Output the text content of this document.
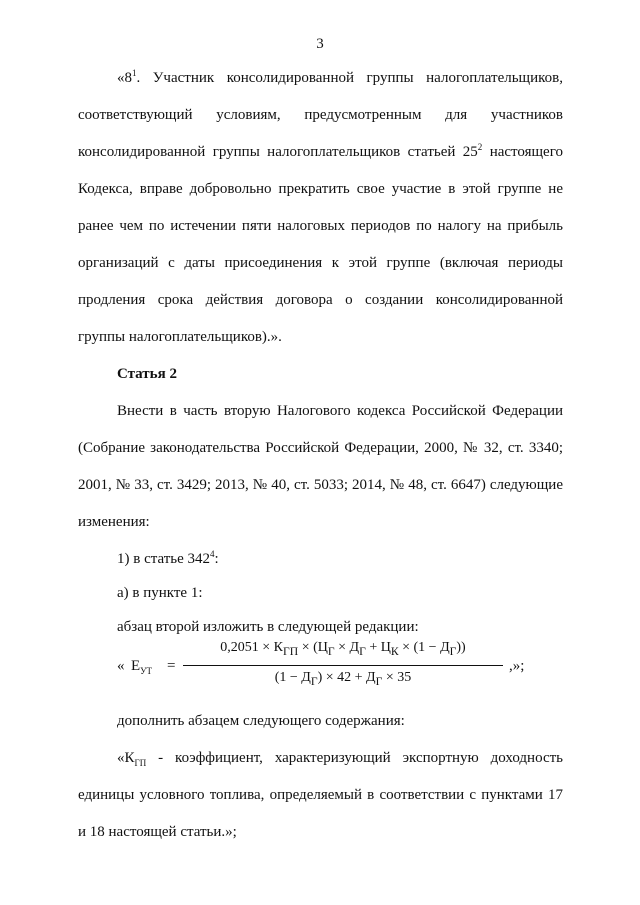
3
«$8^1$. Участник консолидированной группы налогоплательщиков,
соответствующий условиям, предусмотренным для участников
консолидированной группы налогоплательщиков статьей $25^2$ настоящего
Кодекса, вправе добровольно прекратить свое участие в этой группе не
ранее чем по истечении пяти налоговых периодов по налогу на прибыль
организаций с даты присоединения к этой группе (включая периоды
продления срока действия договора о создании консолидированной
группы налогоплательщиков).».
Статья 2
Внести в часть вторую Налогового кодекса Российской Федерации
(Собрание законодательства Российской Федерации, 2000, № 32, ст. 3340;
2001, № 33, ст. 3429; 2013, № 40, ст. 5033; 2014, № 48, ст. 6647) следующие
изменения:
1) в статье $342^4$:
а) в пункте 1:
абзац второй изложить в следующей редакции:
« $Е_{УТ}$ =
$0,2051 \times К_{ГП} \times (Ц_Г \times Д_Г + Ц_К \times (1 - Д_Г))$
$(1 - Д_Г) \times 42 + Д_Г \times 35$
,»;
дополнить абзацем следующего содержания:
«$К_{ГП}$ - коэффициент, характеризующий экспортную доходность
единицы условного топлива, определяемый в соответствии с пунктами 17
и 18 настоящей статьи.»;
